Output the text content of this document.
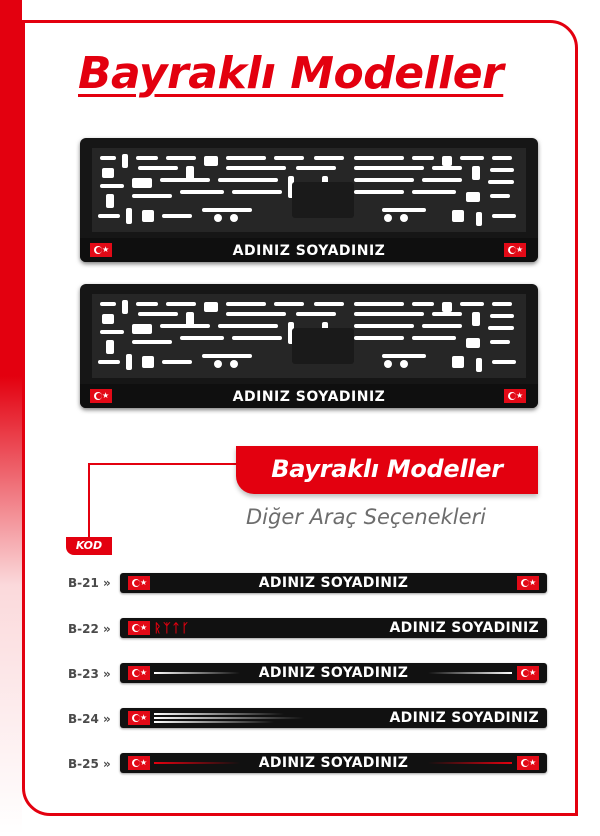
Bayraklı Modeller
★	★
ADINIZ SOYADINIZ
★	★
ADINIZ SOYADINIZ
Bayraklı Modeller
Diğer Araç Seçenekleri
KOD
B-21 »	★	ADINIZ SOYADINIZ	★
B-22 »	★ ᚱᛉᛏᚴ	ADINIZ SOYADINIZ
B-23 »	★	ADINIZ SOYADINIZ	★
B-24 »	★	ADINIZ SOYADINIZ
B-25 »	★	ADINIZ SOYADINIZ	★
